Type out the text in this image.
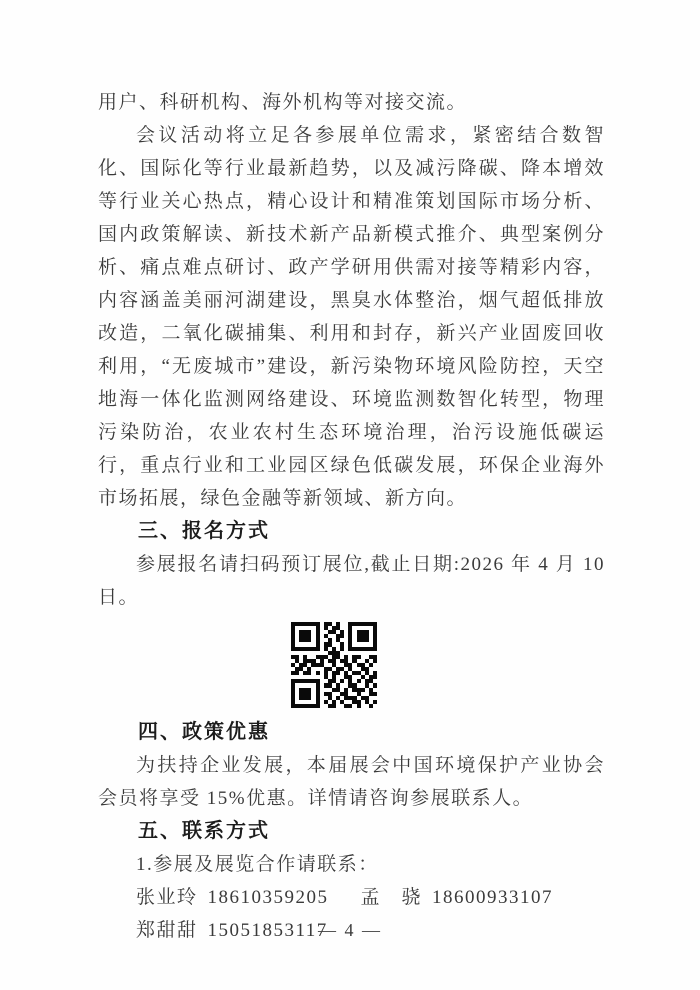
用户、科研机构、海外机构等对接交流。

会议活动将立足各参展单位需求，紧密结合数智化、国际化等行业最新趋势，以及减污降碳、降本增效等行业关心热点，精心设计和精准策划国际市场分析、国内政策解读、新技术新产品新模式推介、典型案例分析、痛点难点研讨、政产学研用供需对接等精彩内容，内容涵盖美丽河湖建设，黑臭水体整治，烟气超低排放改造，二氧化碳捕集、利用和封存，新兴产业固废回收利用，“无废城市”建设，新污染物环境风险防控，天空地海一体化监测网络建设、环境监测数智化转型，物理污染防治，农业农村生态环境治理，治污设施低碳运行，重点行业和工业园区绿色低碳发展，环保企业海外市场拓展，绿色金融等新领域、新方向。

三、报名方式

参展报名请扫码预订展位,截止日期:2026 年 4 月 10 日。

四、政策优惠

为扶持企业发展，本届展会中国环境保护产业协会会员将享受 15%优惠。详情请咨询参展联系人。

五、联系方式

1.参展及展览合作请联系：

张业玲 18610359205 孟　骁 18600933107

郑甜甜 15051853117

— 4 —
